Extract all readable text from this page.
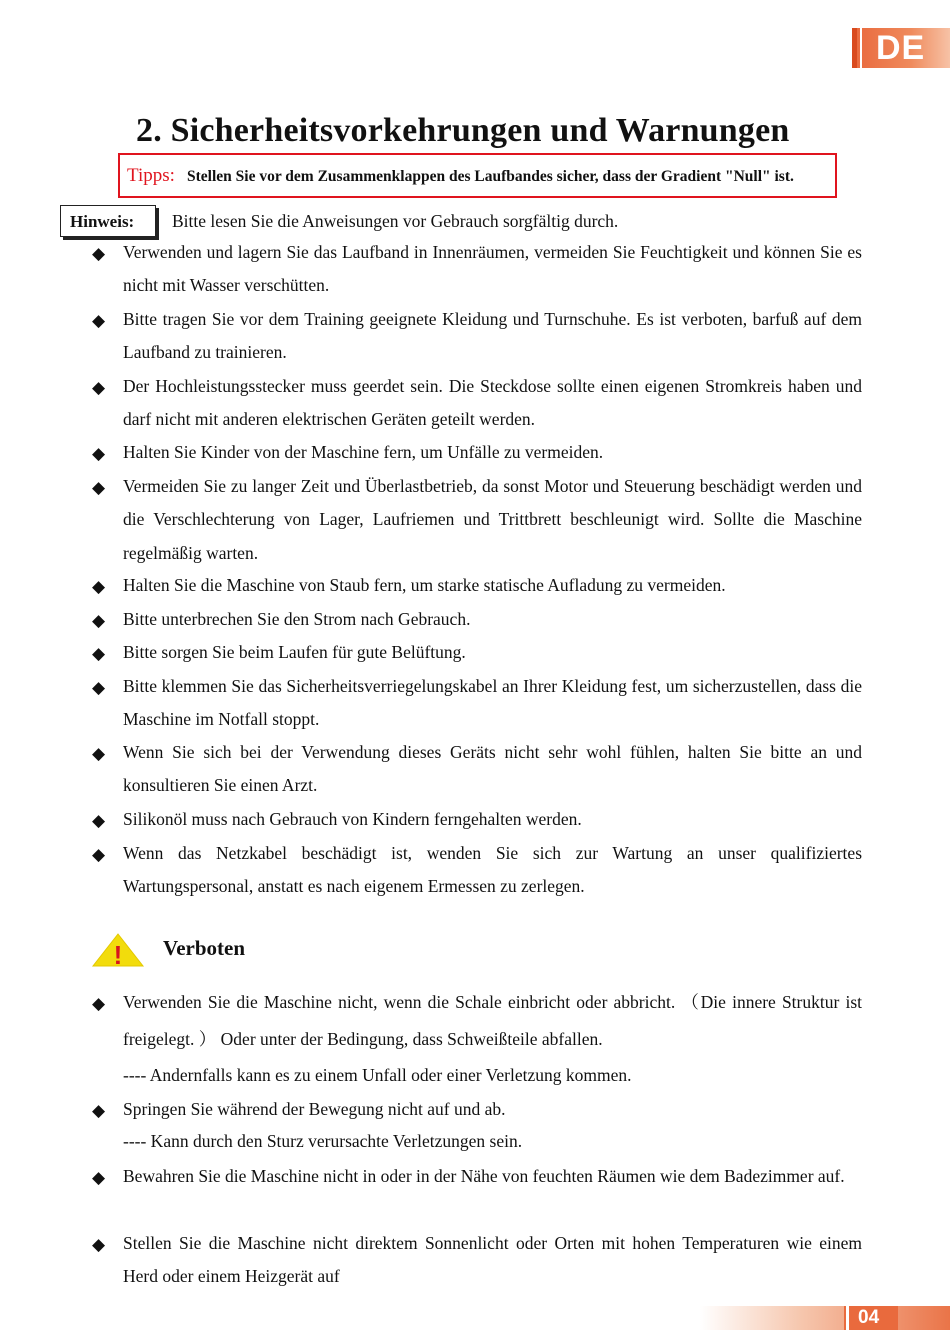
DE
2. Sicherheitsvorkehrungen und Warnungen
Tipps: Stellen Sie vor dem Zusammenklappen des Laufbandes sicher, dass der Gradient "Null" ist.
Hinweis: Bitte lesen Sie die Anweisungen vor Gebrauch sorgfältig durch.
◆ Verwenden und lagern Sie das Laufband in Innenräumen, vermeiden Sie Feuchtigkeit und können Sie es nicht mit Wasser verschütten.
◆ Bitte tragen Sie vor dem Training geeignete Kleidung und Turnschuhe. Es ist verboten, barfuß auf dem Laufband zu trainieren.
◆ Der Hochleistungsstecker muss geerdet sein. Die Steckdose sollte einen eigenen Stromkreis haben und darf nicht mit anderen elektrischen Geräten geteilt werden.
◆ Halten Sie Kinder von der Maschine fern, um Unfälle zu vermeiden.
◆ Vermeiden Sie zu langer Zeit und Überlastbetrieb, da sonst Motor und Steuerung beschädigt werden und die Verschlechterung von Lager, Laufriemen und Trittbrett beschleunigt wird. Sollte die Maschine regelmäßig warten.
◆ Halten Sie die Maschine von Staub fern, um starke statische Aufladung zu vermeiden.
◆ Bitte unterbrechen Sie den Strom nach Gebrauch.
◆ Bitte sorgen Sie beim Laufen für gute Belüftung.
◆ Bitte klemmen Sie das Sicherheitsverriegelungskabel an Ihrer Kleidung fest, um sicherzustellen, dass die Maschine im Notfall stoppt.
◆ Wenn Sie sich bei der Verwendung dieses Geräts nicht sehr wohl fühlen, halten Sie bitte an und konsultieren Sie einen Arzt.
◆ Silikonöl muss nach Gebrauch von Kindern ferngehalten werden.
◆ Wenn das Netzkabel beschädigt ist, wenden Sie sich zur Wartung an unser qualifiziertes Wartungspersonal, anstatt es nach eigenem Ermessen zu zerlegen.
! Verboten
◆ Verwenden Sie die Maschine nicht, wenn die Schale einbricht oder abbricht. （Die innere Struktur ist freigelegt. ） Oder unter der Bedingung, dass Schweißteile abfallen.
---- Andernfalls kann es zu einem Unfall oder einer Verletzung kommen.
◆ Springen Sie während der Bewegung nicht auf und ab.
---- Kann durch den Sturz verursachte Verletzungen sein.
◆ Bewahren Sie die Maschine nicht in oder in der Nähe von feuchten Räumen wie dem Badezimmer auf.
◆ Stellen Sie die Maschine nicht direktem Sonnenlicht oder Orten mit hohen Temperaturen wie einem Herd oder einem Heizgerät auf
04
